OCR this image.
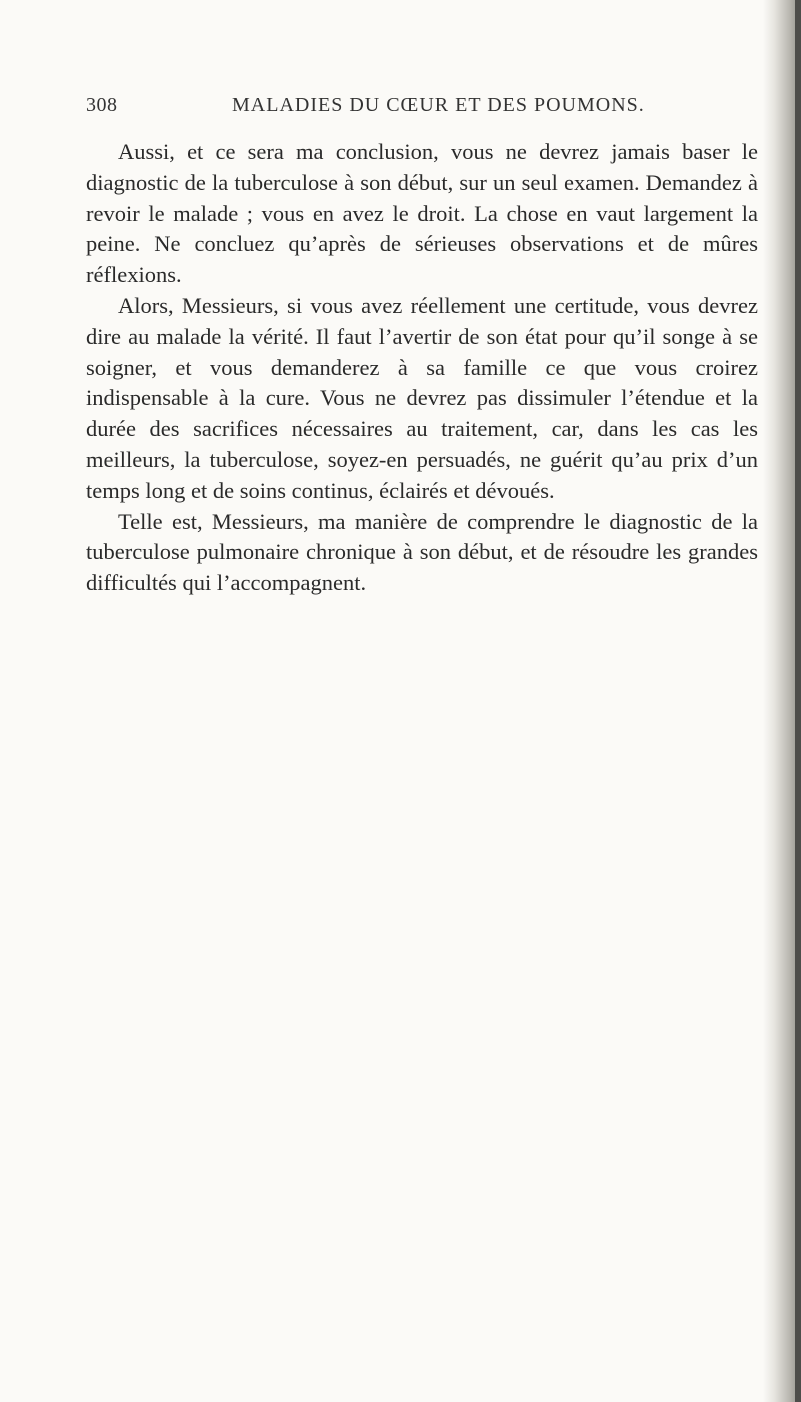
308	MALADIES DU CŒUR ET DES POUMONS.

Aussi, et ce sera ma conclusion, vous ne devrez jamais baser le diagnostic de la tuberculose à son début, sur un seul examen. Demandez à revoir le malade ; vous en avez le droit. La chose en vaut largement la peine. Ne concluez qu’après de sérieuses observations et de mûres réflexions.

Alors, Messieurs, si vous avez réellement une certitude, vous devrez dire au malade la vérité. Il faut l’avertir de son état pour qu’il songe à se soigner, et vous demanderez à sa famille ce que vous croirez indispensable à la cure. Vous ne devrez pas dissimuler l’étendue et la durée des sacrifices nécessaires au traitement, car, dans les cas les meilleurs, la tuberculose, soyez-en persuadés, ne guérit qu’au prix d’un temps long et de soins continus, éclairés et dévoués.

Telle est, Messieurs, ma manière de comprendre le diagnostic de la tuberculose pulmonaire chronique à son début, et de résoudre les grandes difficultés qui l’accompagnent.
